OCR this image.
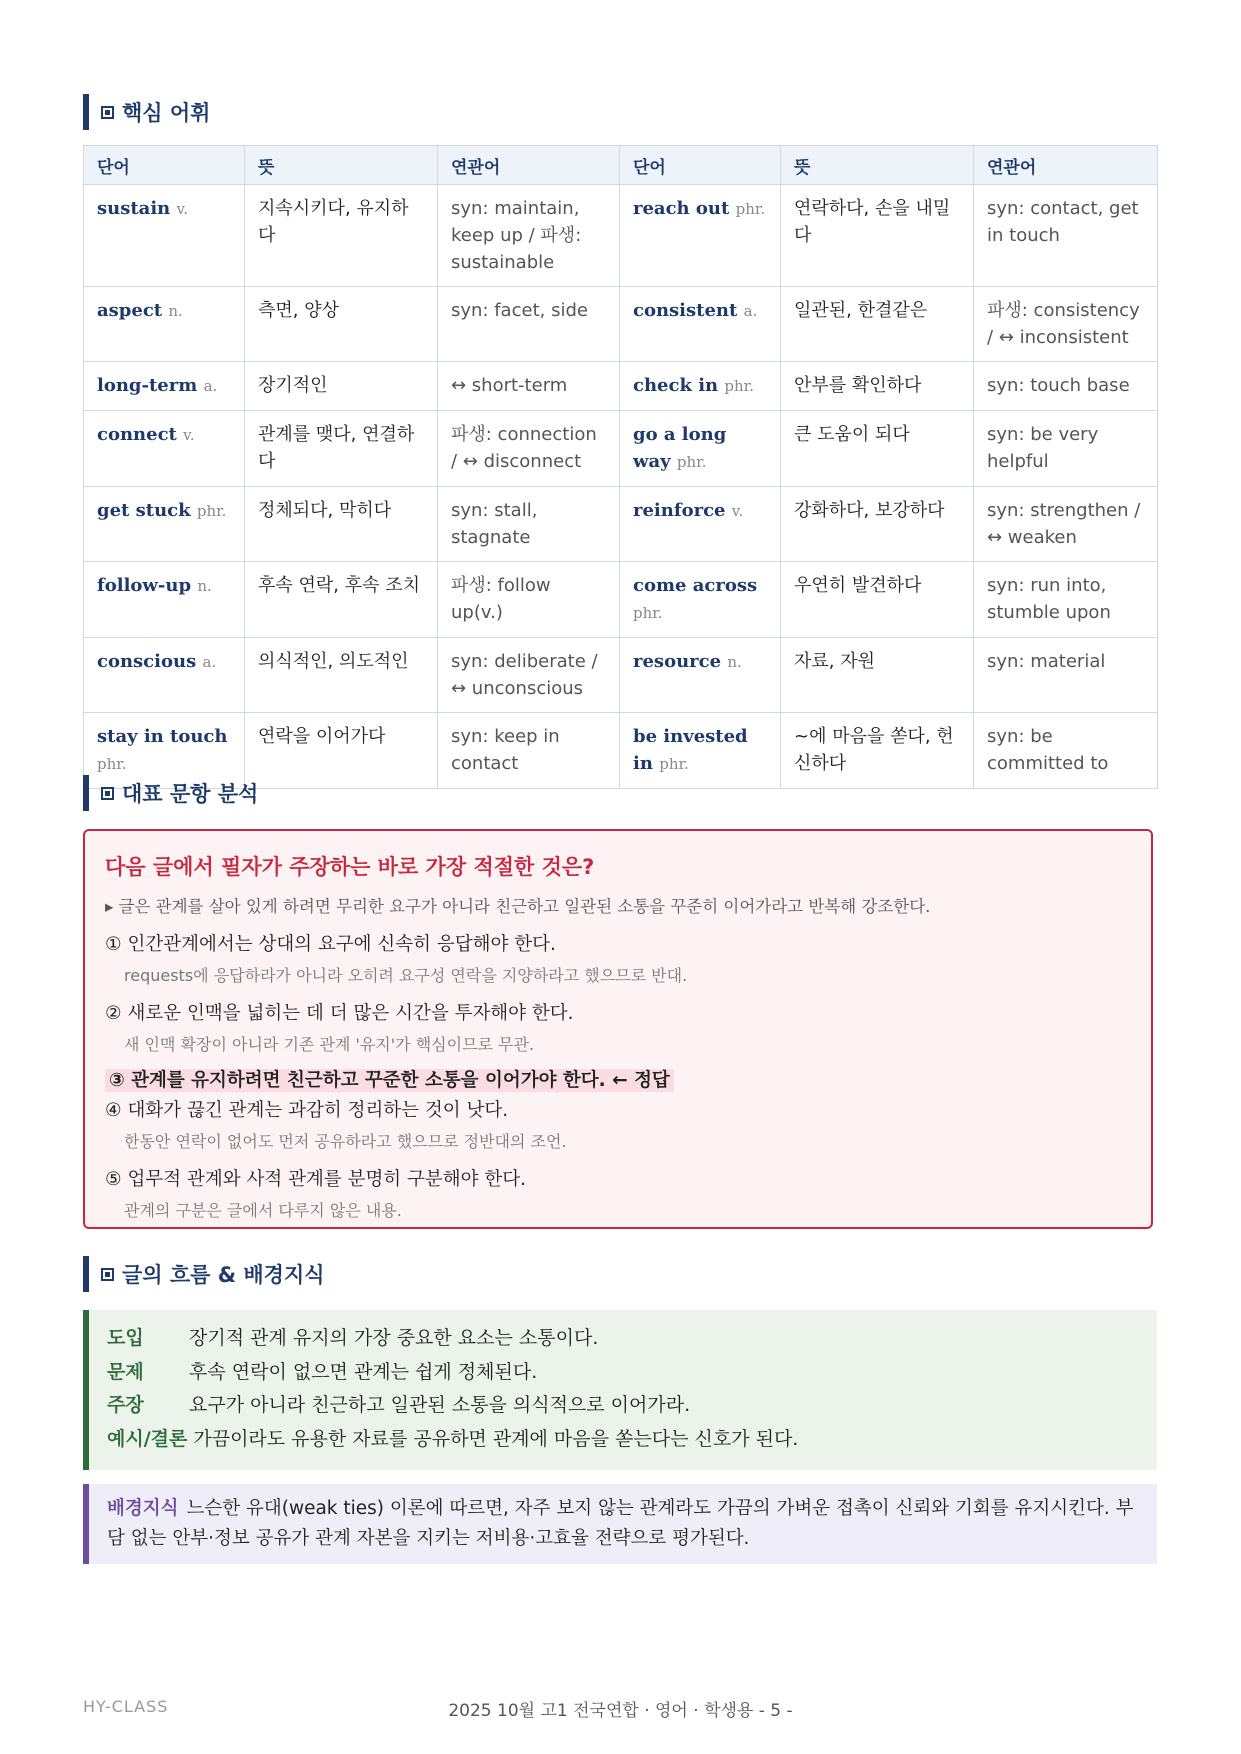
핵심 어휘
단어	뜻	연관어	단어	뜻	연관어
sustain v.	지속시키다, 유지하다	syn: maintain, keep up / 파생: sustainable	reach out phr.	연락하다, 손을 내밀다	syn: contact, get in touch
aspect n.	측면, 양상	syn: facet, side	consistent a.	일관된, 한결같은	파생: consistency / ↔ inconsistent
long-term a.	장기적인	↔ short-term	check in phr.	안부를 확인하다	syn: touch base
connect v.	관계를 맺다, 연결하다	파생: connection / ↔ disconnect	go a long way phr.	큰 도움이 되다	syn: be very helpful
get stuck phr.	정체되다, 막히다	syn: stall, stagnate	reinforce v.	강화하다, 보강하다	syn: strengthen / ↔ weaken
follow-up n.	후속 연락, 후속 조치	파생: follow up(v.)	come across phr.	우연히 발견하다	syn: run into, stumble upon
conscious a.	의식적인, 의도적인	syn: deliberate / ↔ unconscious	resource n.	자료, 자원	syn: material
stay in touch phr.	연락을 이어가다	syn: keep in contact	be invested in phr.	~에 마음을 쏟다, 헌신하다	syn: be committed to
대표 문항 분석
다음 글에서 필자가 주장하는 바로 가장 적절한 것은?
▸ 글은 관계를 살아 있게 하려면 무리한 요구가 아니라 친근하고 일관된 소통을 꾸준히 이어가라고 반복해 강조한다.
① 인간관계에서는 상대의 요구에 신속히 응답해야 한다.
requests에 응답하라가 아니라 오히려 요구성 연락을 지양하라고 했으므로 반대.
② 새로운 인맥을 넓히는 데 더 많은 시간을 투자해야 한다.
새 인맥 확장이 아니라 기존 관계 '유지'가 핵심이므로 무관.
③ 관계를 유지하려면 친근하고 꾸준한 소통을 이어가야 한다. ← 정답
④ 대화가 끊긴 관계는 과감히 정리하는 것이 낫다.
한동안 연락이 없어도 먼저 공유하라고 했으므로 정반대의 조언.
⑤ 업무적 관계와 사적 관계를 분명히 구분해야 한다.
관계의 구분은 글에서 다루지 않은 내용.
글의 흐름 & 배경지식
도입	장기적 관계 유지의 가장 중요한 요소는 소통이다.
문제	후속 연락이 없으면 관계는 쉽게 정체된다.
주장	요구가 아니라 친근하고 일관된 소통을 의식적으로 이어가라.
예시/결론 가끔이라도 유용한 자료를 공유하면 관계에 마음을 쏟는다는 신호가 된다.
배경지식 느슨한 유대(weak ties) 이론에 따르면, 자주 보지 않는 관계라도 가끔의 가벼운 접촉이 신뢰와 기회를 유지시킨다. 부담 없는 안부·정보 공유가 관계 자본을 지키는 저비용·고효율 전략으로 평가된다.
HY-CLASS	2025 10월 고1 전국연합 · 영어 · 학생용 - 5 -
